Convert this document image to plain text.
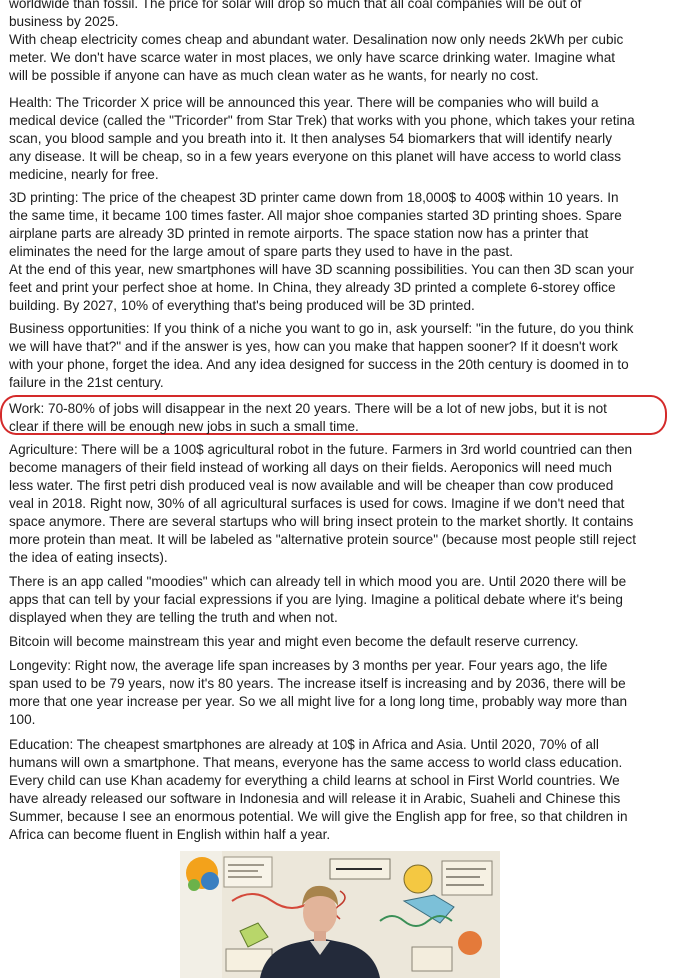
worldwide than fossil. The price for solar will drop so much that all coal companies will be out of
business by 2025.
With cheap electricity comes cheap and abundant water. Desalination now only needs 2kWh per cubic
meter. We don't have scarce water in most places, we only have scarce drinking water. Imagine what
will be possible if anyone can have as much clean water as he wants, for nearly no cost.

Health: The Tricorder X price will be announced this year. There will be companies who will build a
medical device (called the "Tricorder" from Star Trek) that works with you phone, which takes your retina
scan, you blood sample and you breath into it. It then analyses 54 biomarkers that will identify nearly
any disease. It will be cheap, so in a few years everyone on this planet will have access to world class
medicine, nearly for free.

3D printing: The price of the cheapest 3D printer came down from 18,000$ to 400$ within 10 years. In
the same time, it became 100 times faster. All major shoe companies started 3D printing shoes. Spare
airplane parts are already 3D printed in remote airports. The space station now has a printer that
eliminates the need for the large amout of spare parts they used to have in the past.
At the end of this year, new smartphones will have 3D scanning possibilities. You can then 3D scan your
feet and print your perfect shoe at home. In China, they already 3D printed a complete 6-storey office
building. By 2027, 10% of everything that's being produced will be 3D printed.

Business opportunities: If you think of a niche you want to go in, ask yourself: "in the future, do you think
we will have that?" and if the answer is yes, how can you make that happen sooner? If it doesn't work
with your phone, forget the idea. And any idea designed for success in the 20th century is doomed in to
failure in the 21st century.

Work: 70-80% of jobs will disappear in the next 20 years. There will be a lot of new jobs, but it is not
clear if there will be enough new jobs in such a small time.

Agriculture: There will be a 100$ agricultural robot in the future. Farmers in 3rd world countried can then
become managers of their field instead of working all days on their fields. Aeroponics will need much
less water. The first petri dish produced veal is now available and will be cheaper than cow produced
veal in 2018. Right now, 30% of all agricultural surfaces is used for cows. Imagine if we don't need that
space anymore. There are several startups who will bring insect protein to the market shortly. It contains
more protein than meat. It will be labeled as "alternative protein source" (because most people still reject
the idea of eating insects).

There is an app called "moodies" which can already tell in which mood you are. Until 2020 there will be
apps that can tell by your facial expressions if you are lying. Imagine a political debate where it's being
displayed when they are telling the truth and when not.

Bitcoin will become mainstream this year and might even become the default reserve currency.

Longevity: Right now, the average life span increases by 3 months per year. Four years ago, the life
span used to be 79 years, now it's 80 years. The increase itself is increasing and by 2036, there will be
more that one year increase per year. So we all might live for a long long time, probably way more than
100.

Education: The cheapest smartphones are already at 10$ in Africa and Asia. Until 2020, 70% of all
humans will own a smartphone. That means, everyone has the same access to world class education.
Every child can use Khan academy for everything a child learns at school in First World countries. We
have already released our software in Indonesia and will release it in Arabic, Suaheli and Chinese this
Summer, because I see an enormous potential. We will give the English app for free, so that children in
Africa can become fluent in English within half a year.
